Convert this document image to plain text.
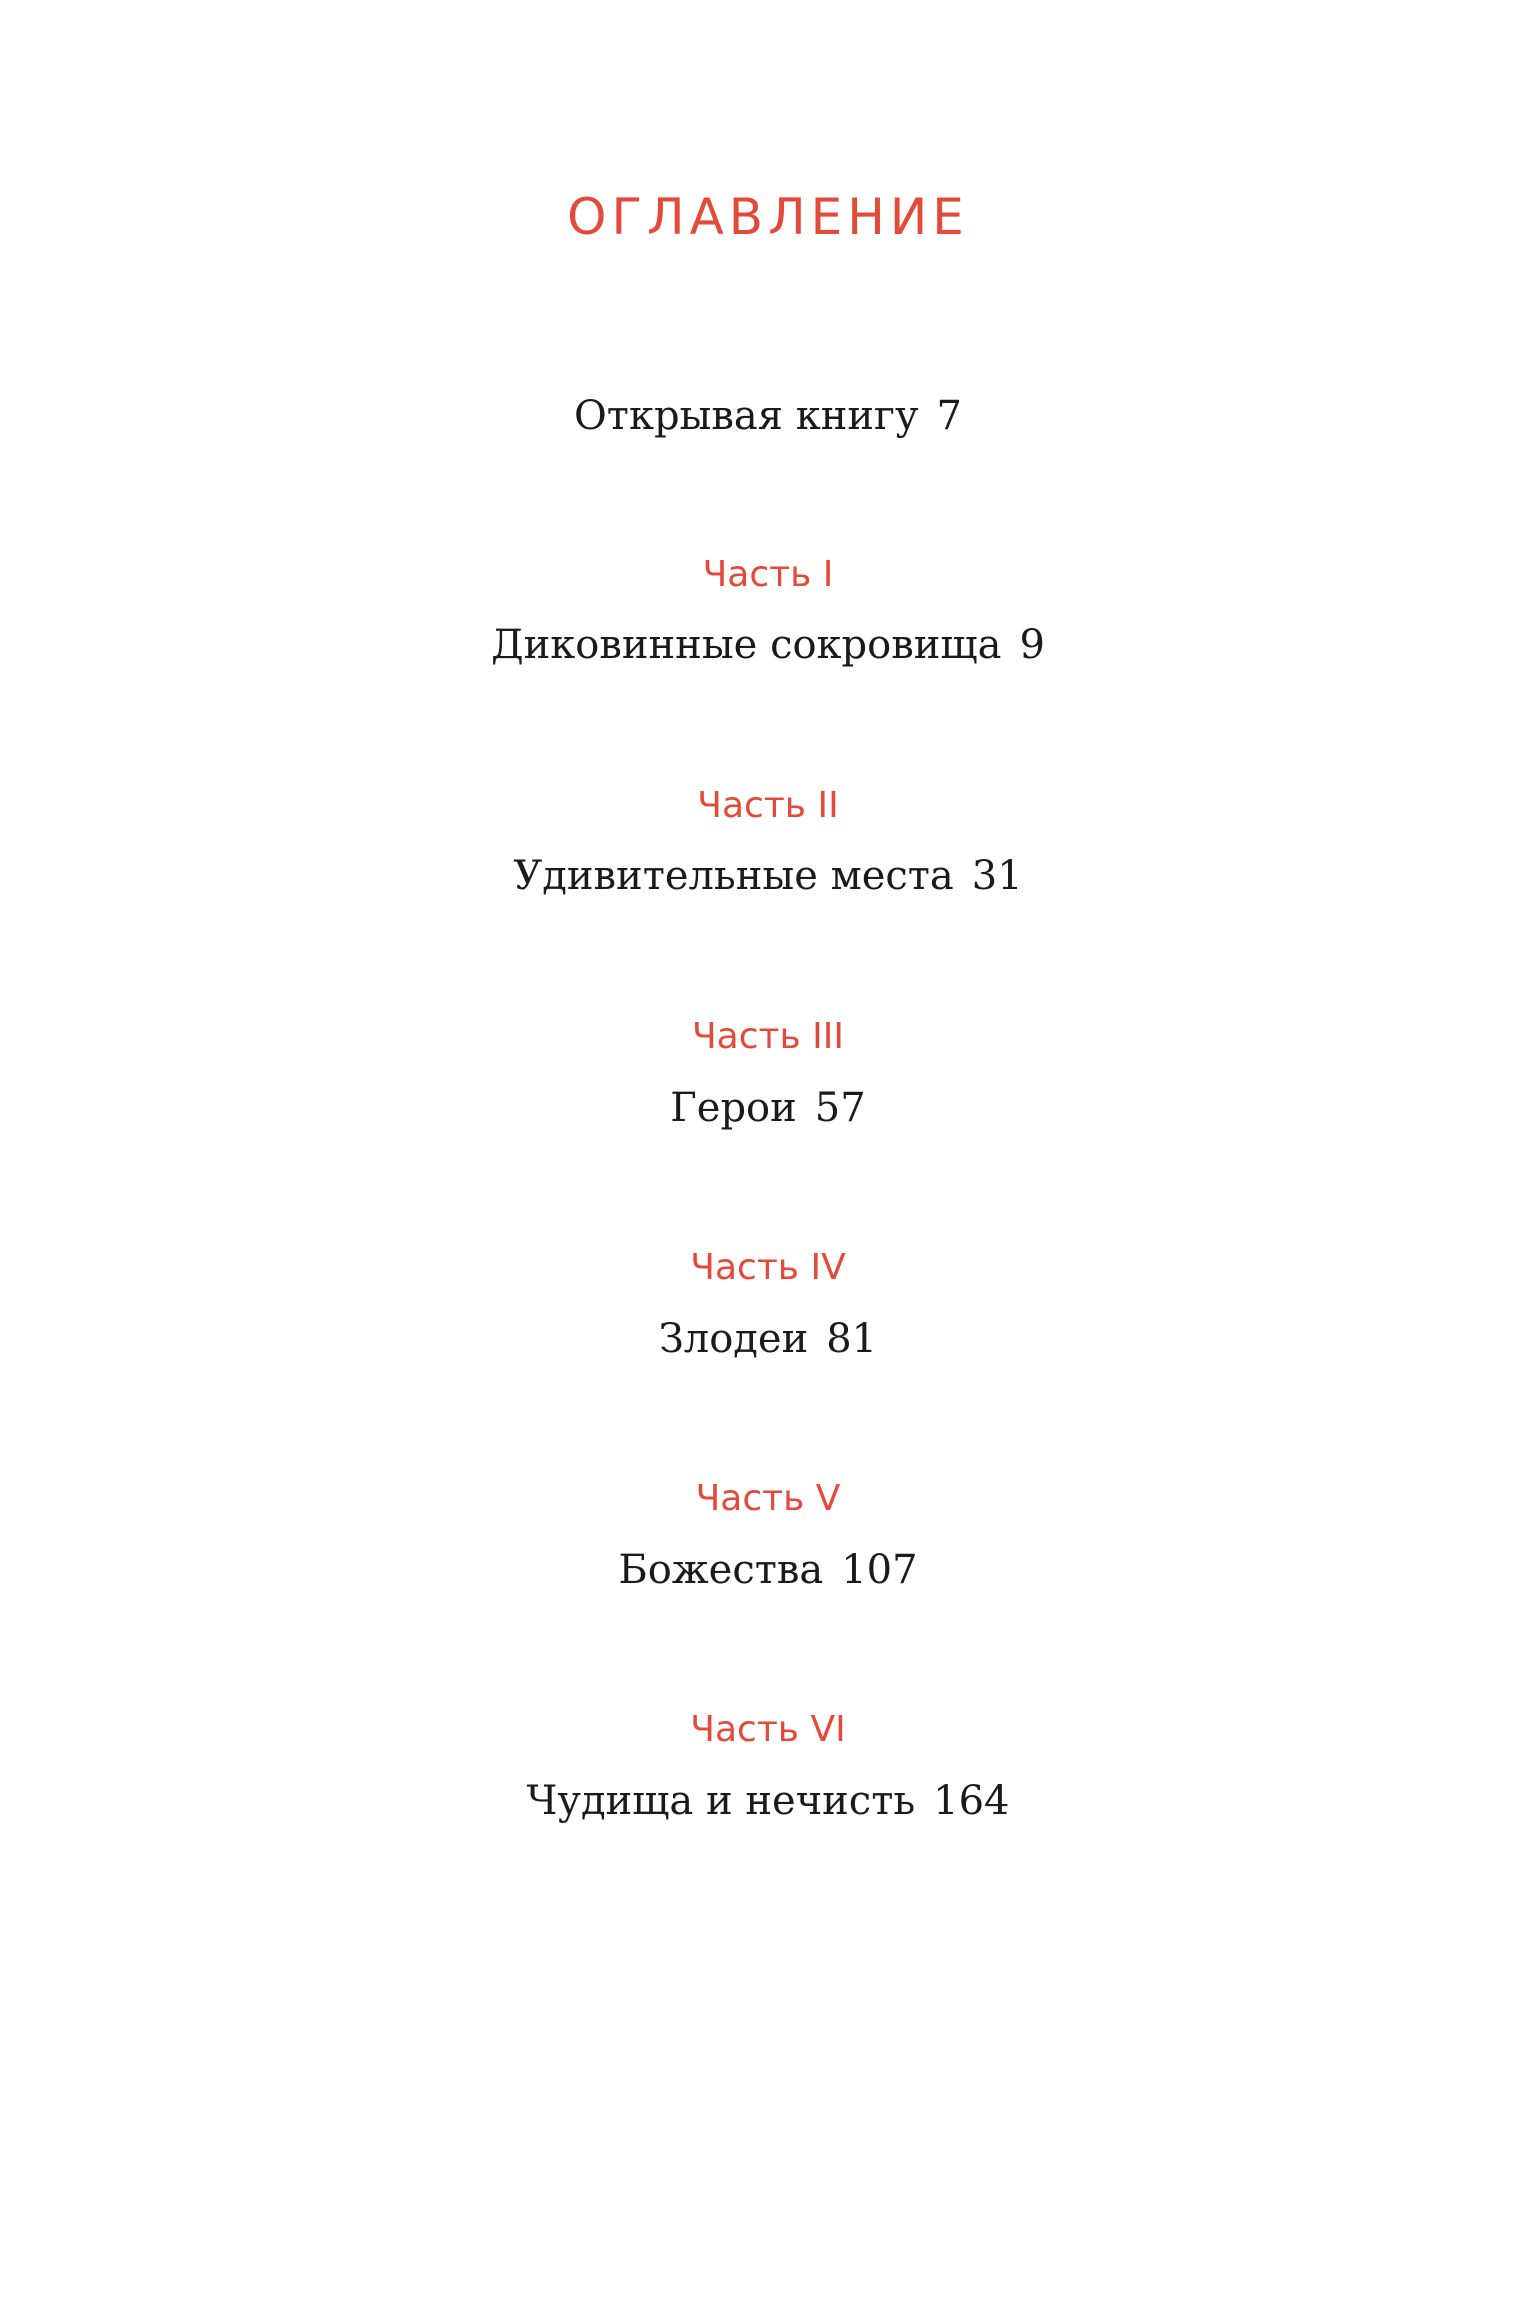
ОГЛАВЛЕНИЕ
Открывая книгу 7
Часть I
Диковинные сокровища 9
Часть II
Удивительные места 31
Часть III
Герои 57
Часть IV
Злодеи 81
Часть V
Божества 107
Часть VI
Чудища и нечисть 164
